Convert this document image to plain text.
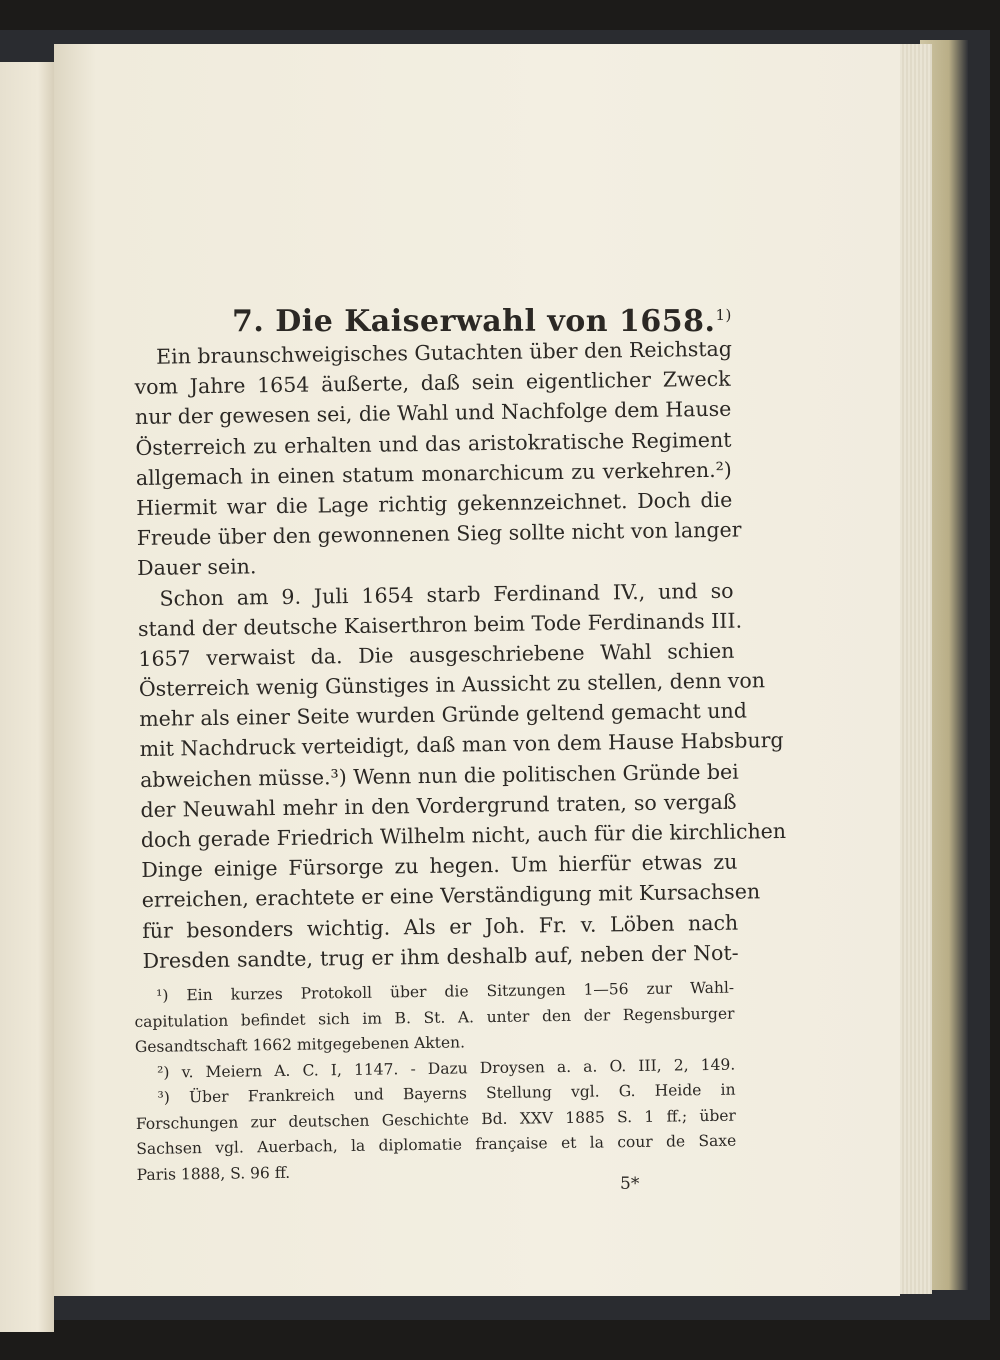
7. Die Kaiserwahl von 1658.$^{1)}$
Ein braunschweigisches Gutachten über den Reichstag
vom Jahre 1654 äußerte, daß sein eigentlicher Zweck
nur der gewesen sei, die Wahl und Nachfolge dem Hause
Österreich zu erhalten und das aristokratische Regiment
allgemach in einen statum monarchicum zu verkehren.²)
Hiermit war die Lage richtig gekennzeichnet. Doch die
Freude über den gewonnenen Sieg sollte nicht von langer
Dauer sein.
Schon am 9. Juli 1654 starb Ferdinand IV., und so
stand der deutsche Kaiserthron beim Tode Ferdinands III.
1657 verwaist da. Die ausgeschriebene Wahl schien
Österreich wenig Günstiges in Aussicht zu stellen, denn von
mehr als einer Seite wurden Gründe geltend gemacht und
mit Nachdruck verteidigt, daß man von dem Hause Habsburg
abweichen müsse.³) Wenn nun die politischen Gründe bei
der Neuwahl mehr in den Vordergrund traten, so vergaß
doch gerade Friedrich Wilhelm nicht, auch für die kirchlichen
Dinge einige Fürsorge zu hegen. Um hierfür etwas zu
erreichen, erachtete er eine Verständigung mit Kursachsen
für besonders wichtig. Als er Joh. Fr. v. Löben nach
Dresden sandte, trug er ihm deshalb auf, neben der Not-
¹) Ein kurzes Protokoll über die Sitzungen 1—56 zur Wahl-
capitulation befindet sich im B. St. A. unter den der Regensburger
Gesandtschaft 1662 mitgegebenen Akten.
²) v. Meiern A. C. I, 1147. - Dazu Droysen a. a. O. III, 2, 149.
³) Über Frankreich und Bayerns Stellung vgl. G. Heide in
Forschungen zur deutschen Geschichte Bd. XXV 1885 S. 1 ff.; über
Sachsen vgl. Auerbach, la diplomatie française et la cour de Saxe
Paris 1888, S. 96 ff.
5*
